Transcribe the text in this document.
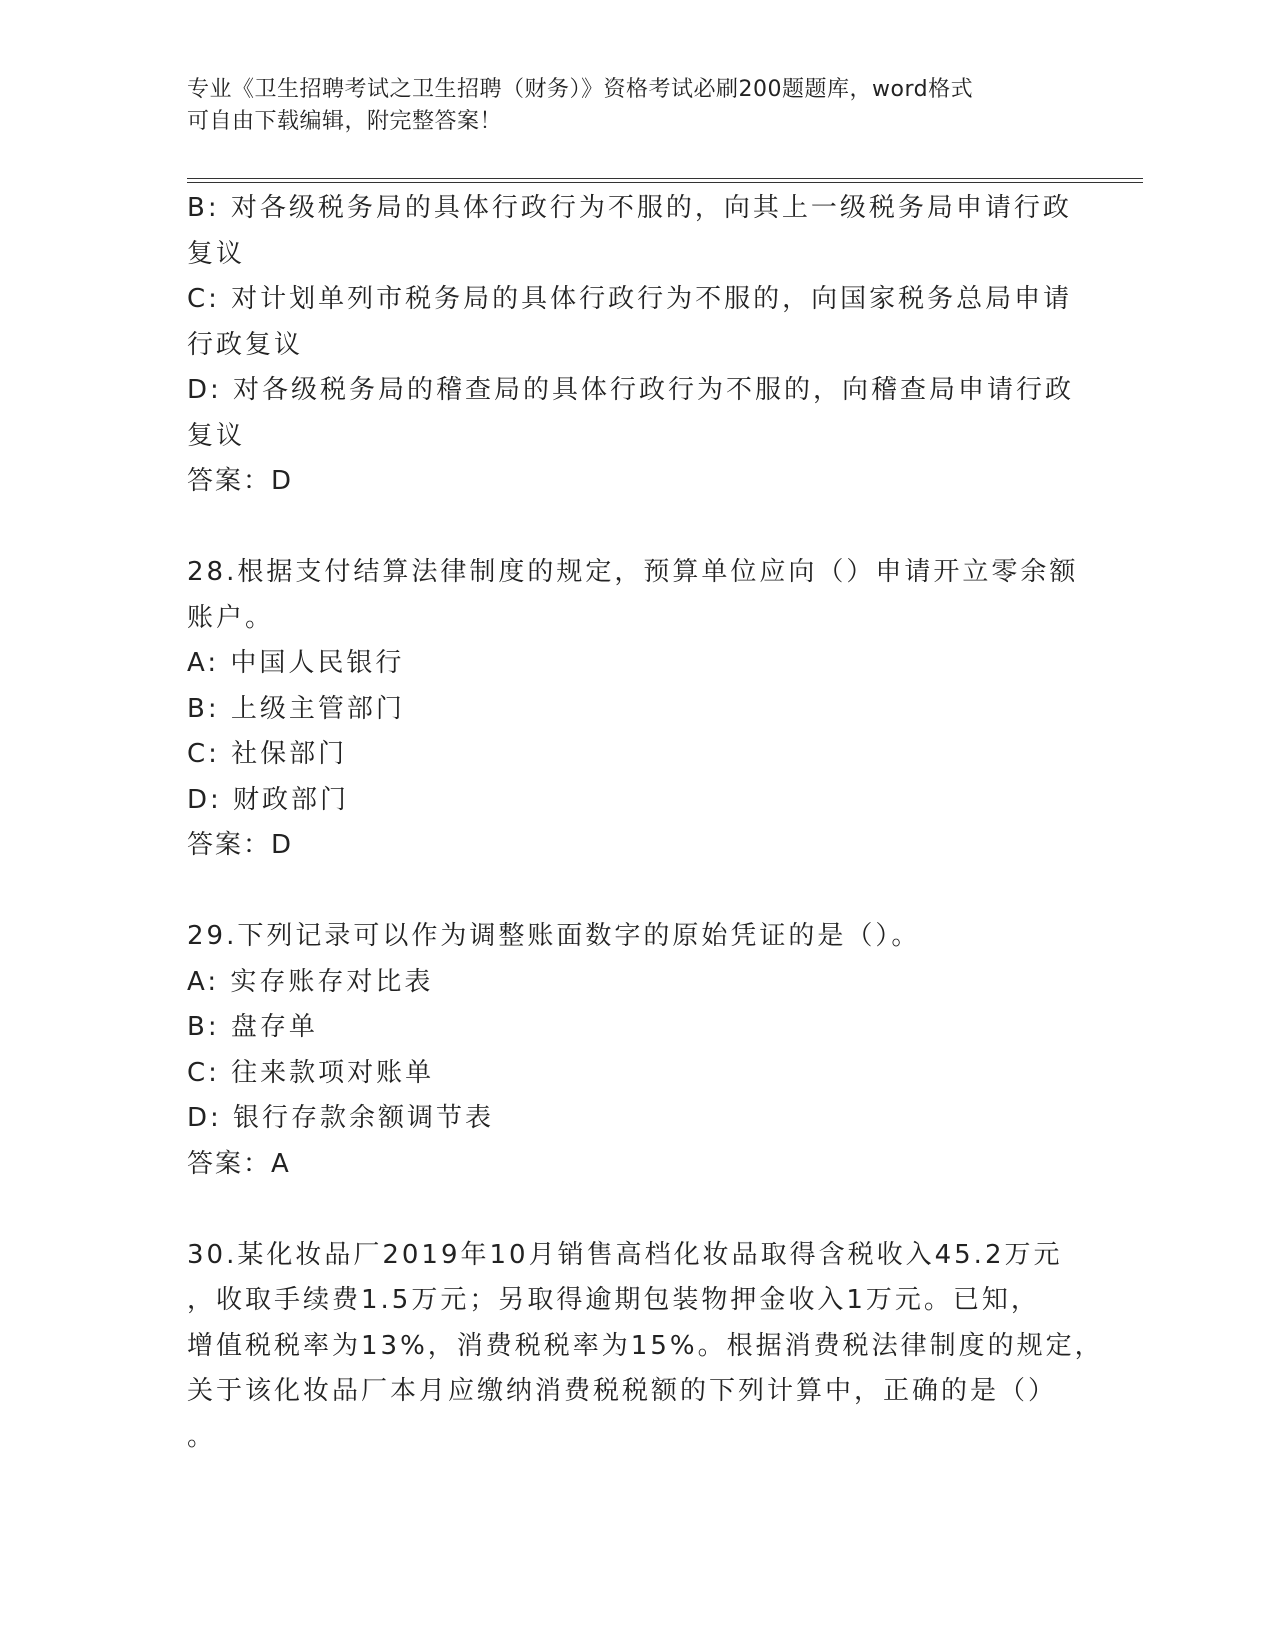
专业《卫生招聘考试之卫生招聘（财务）》资格考试必刷200题题库，word格式
可自由下载编辑，附完整答案！
B: 对各级税务局的具体行政行为不服的，向其上一级税务局申请行政
复议
C: 对计划单列市税务局的具体行政行为不服的，向国家税务总局申请
行政复议
D: 对各级税务局的稽查局的具体行政行为不服的，向稽查局申请行政
复议
答案：D
28.根据支付结算法律制度的规定，预算单位应向（）申请开立零余额
账户。
A: 中国人民银行
B: 上级主管部门
C: 社保部门
D: 财政部门
答案：D
29.下列记录可以作为调整账面数字的原始凭证的是（）。
A: 实存账存对比表
B: 盘存单
C: 往来款项对账单
D: 银行存款余额调节表
答案：A
30.某化妆品厂2019年10月销售高档化妆品取得含税收入45.2万元
，收取手续费1.5万元；另取得逾期包装物押金收入1万元。已知，
增值税税率为13%，消费税税率为15%。根据消费税法律制度的规定，
关于该化妆品厂本月应缴纳消费税税额的下列计算中，正确的是（）
。
